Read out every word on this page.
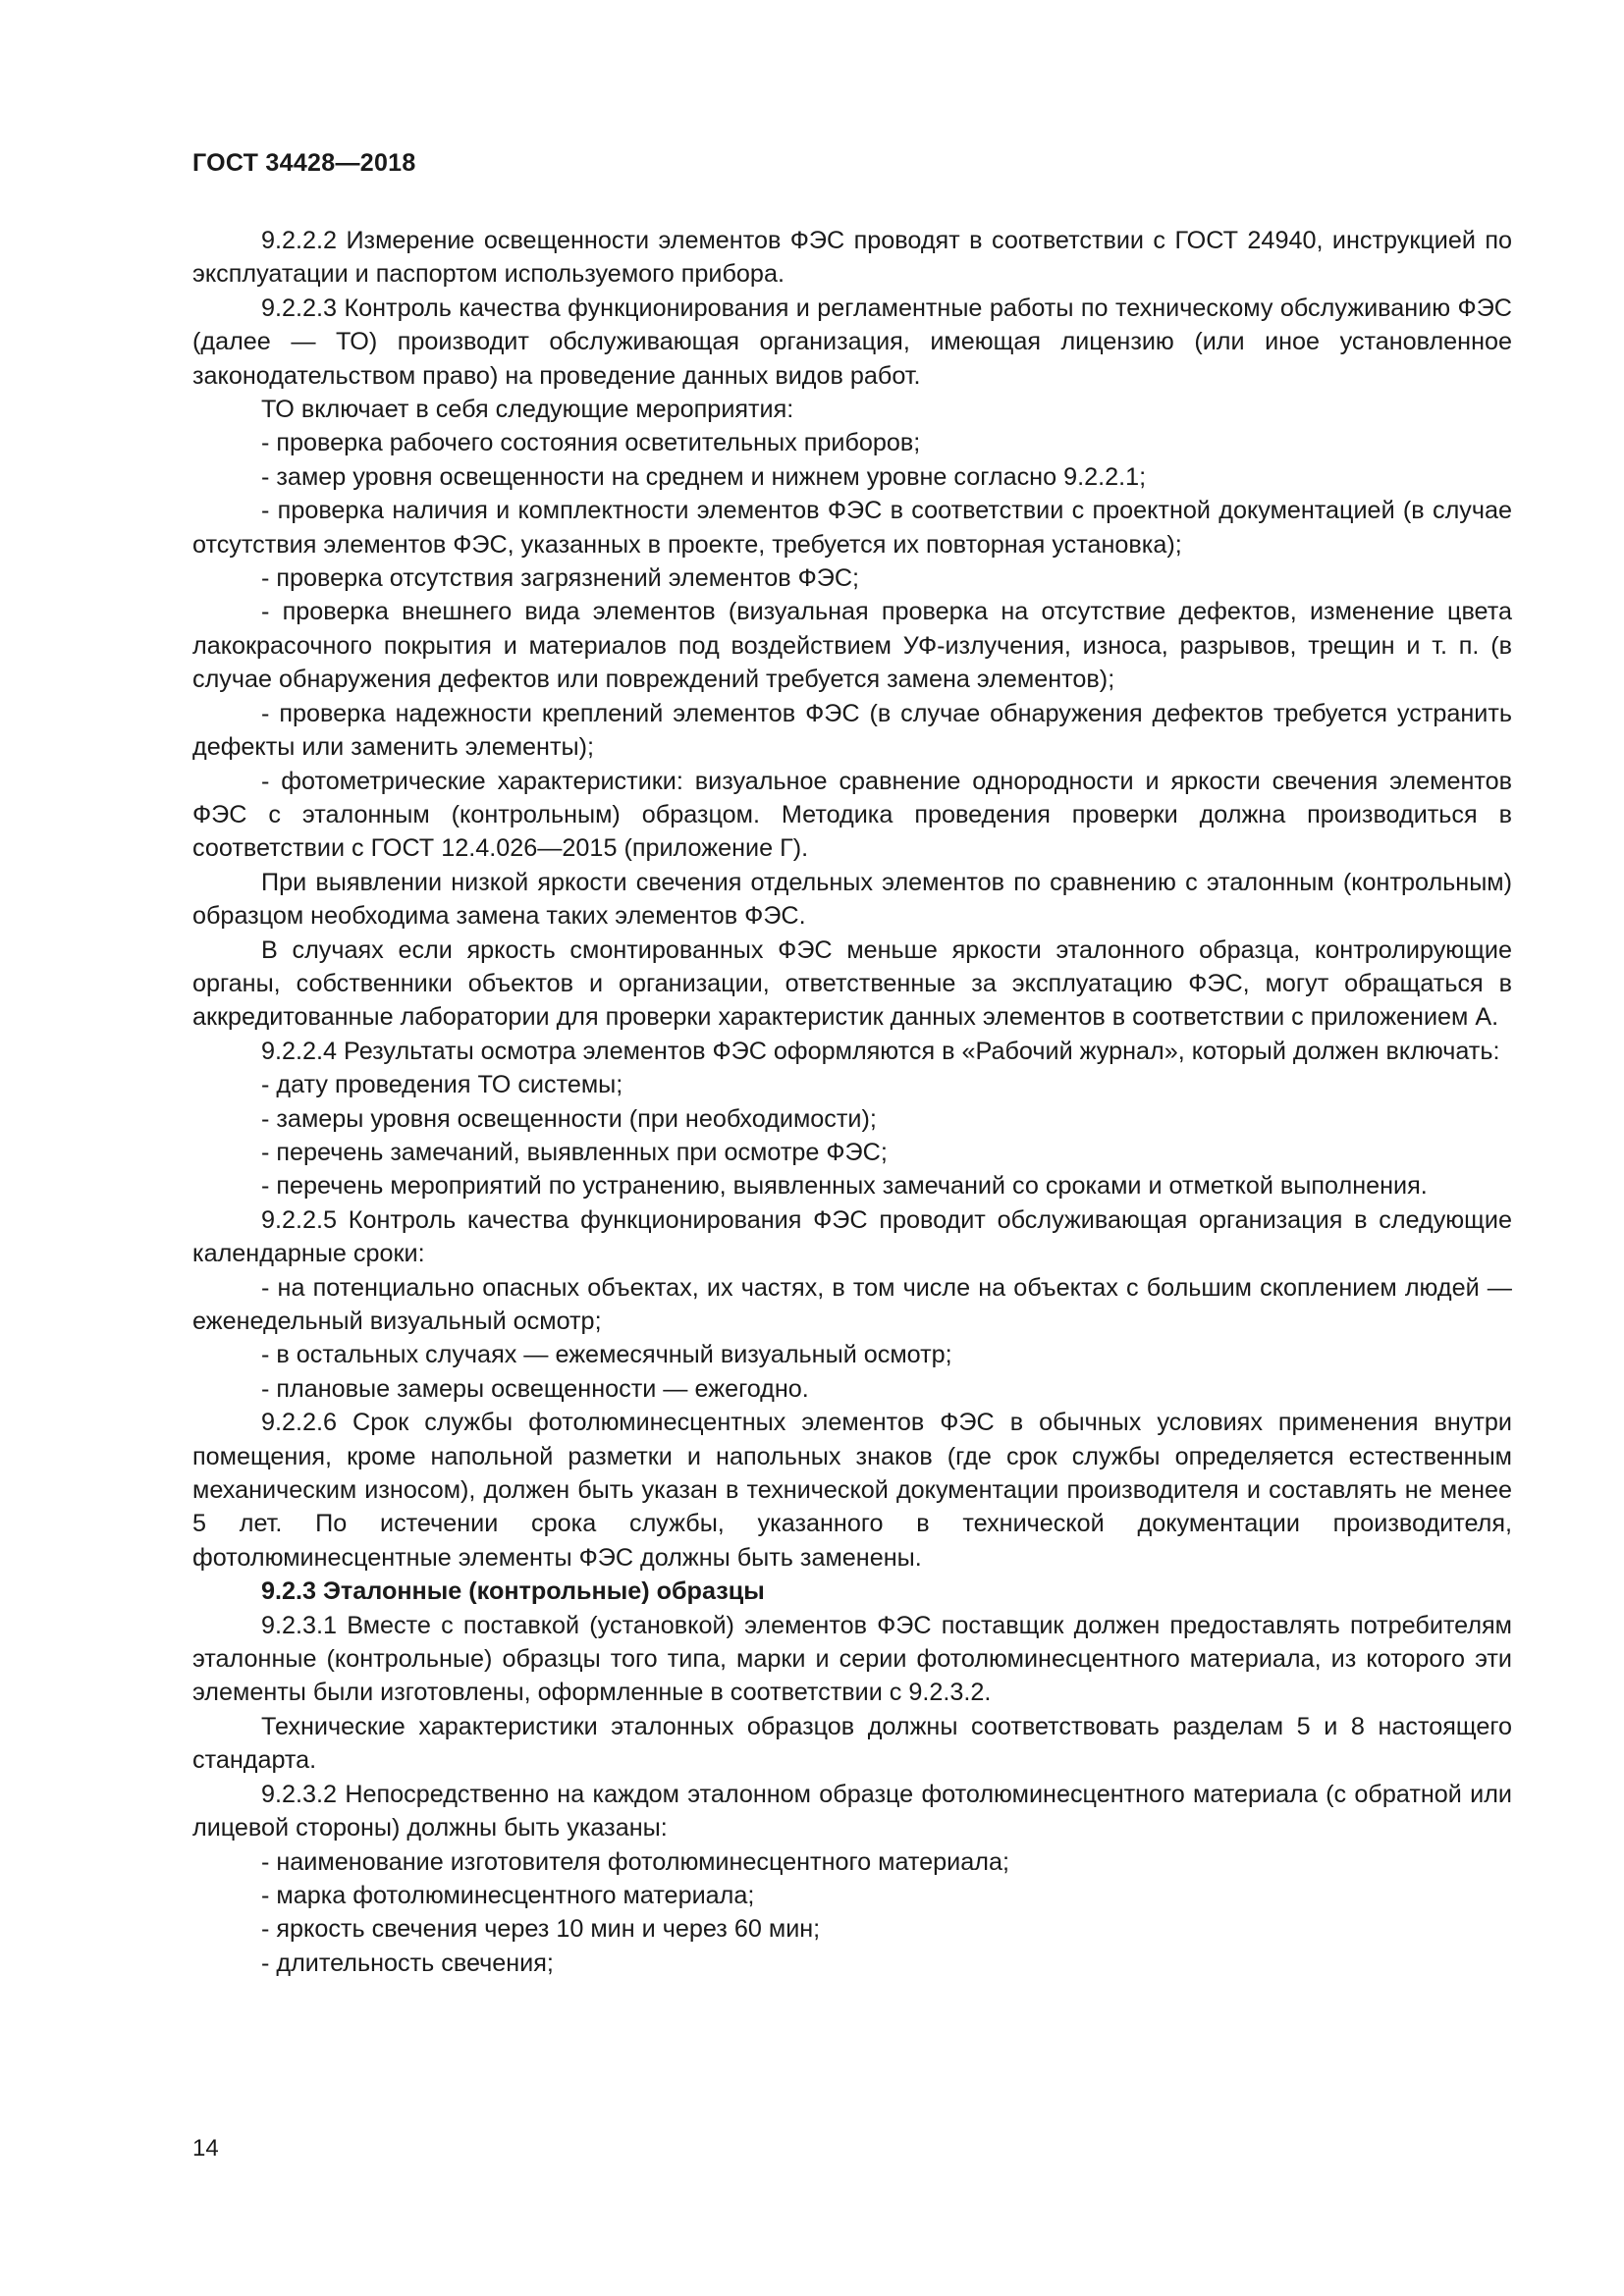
ГОСТ 34428—2018

9.2.2.2 Измерение освещенности элементов ФЭС проводят в соответствии с ГОСТ 24940, инструкцией по эксплуатации и паспортом используемого прибора.

9.2.2.3 Контроль качества функционирования и регламентные работы по техническому обслуживанию ФЭС (далее — ТО) производит обслуживающая организация, имеющая лицензию (или иное установленное законодательством право) на проведение данных видов работ.

ТО включает в себя следующие мероприятия:

- проверка рабочего состояния осветительных приборов;

- замер уровня освещенности на среднем и нижнем уровне согласно 9.2.2.1;

- проверка наличия и комплектности элементов ФЭС в соответствии с проектной документацией (в случае отсутствия элементов ФЭС, указанных в проекте, требуется их повторная установка);

- проверка отсутствия загрязнений элементов ФЭС;

- проверка внешнего вида элементов (визуальная проверка на отсутствие дефектов, изменение цвета лакокрасочного покрытия и материалов под воздействием УФ-излучения, износа, разрывов, трещин и т. п. (в случае обнаружения дефектов или повреждений требуется замена элементов);

- проверка надежности креплений элементов ФЭС (в случае обнаружения дефектов требуется устранить дефекты или заменить элементы);

- фотометрические характеристики: визуальное сравнение однородности и яркости свечения элементов ФЭС с эталонным (контрольным) образцом. Методика проведения проверки должна производиться в соответствии с ГОСТ 12.4.026—2015 (приложение Г).

При выявлении низкой яркости свечения отдельных элементов по сравнению с эталонным (контрольным) образцом необходима замена таких элементов ФЭС.

В случаях если яркость смонтированных ФЭС меньше яркости эталонного образца, контролирующие органы, собственники объектов и организации, ответственные за эксплуатацию ФЭС, могут обращаться в аккредитованные лаборатории для проверки характеристик данных элементов в соответствии с приложением А.

9.2.2.4 Результаты осмотра элементов ФЭС оформляются в «Рабочий журнал», который должен включать:

- дату проведения ТО системы;

- замеры уровня освещенности (при необходимости);

- перечень замечаний, выявленных при осмотре ФЭС;

- перечень мероприятий по устранению, выявленных замечаний со сроками и отметкой выполнения.

9.2.2.5 Контроль качества функционирования ФЭС проводит обслуживающая организация в следующие календарные сроки:

- на потенциально опасных объектах, их частях, в том числе на объектах с большим скоплением людей — еженедельный визуальный осмотр;

- в остальных случаях — ежемесячный визуальный осмотр;

- плановые замеры освещенности — ежегодно.

9.2.2.6 Срок службы фотолюминесцентных элементов ФЭС в обычных условиях применения внутри помещения, кроме напольной разметки и напольных знаков (где срок службы определяется естественным механическим износом), должен быть указан в технической документации производителя и составлять не менее 5 лет. По истечении срока службы, указанного в технической документации производителя, фотолюминесцентные элементы ФЭС должны быть заменены.

9.2.3 Эталонные (контрольные) образцы

9.2.3.1 Вместе с поставкой (установкой) элементов ФЭС поставщик должен предоставлять потребителям эталонные (контрольные) образцы того типа, марки и серии фотолюминесцентного материала, из которого эти элементы были изготовлены, оформленные в соответствии с 9.2.3.2.

Технические характеристики эталонных образцов должны соответствовать разделам 5 и 8 настоящего стандарта.

9.2.3.2 Непосредственно на каждом эталонном образце фотолюминесцентного материала (с обратной или лицевой стороны) должны быть указаны:

- наименование изготовителя фотолюминесцентного материала;

- марка фотолюминесцентного материала;

- яркость свечения через 10 мин и через 60 мин;

- длительность свечения;

14
